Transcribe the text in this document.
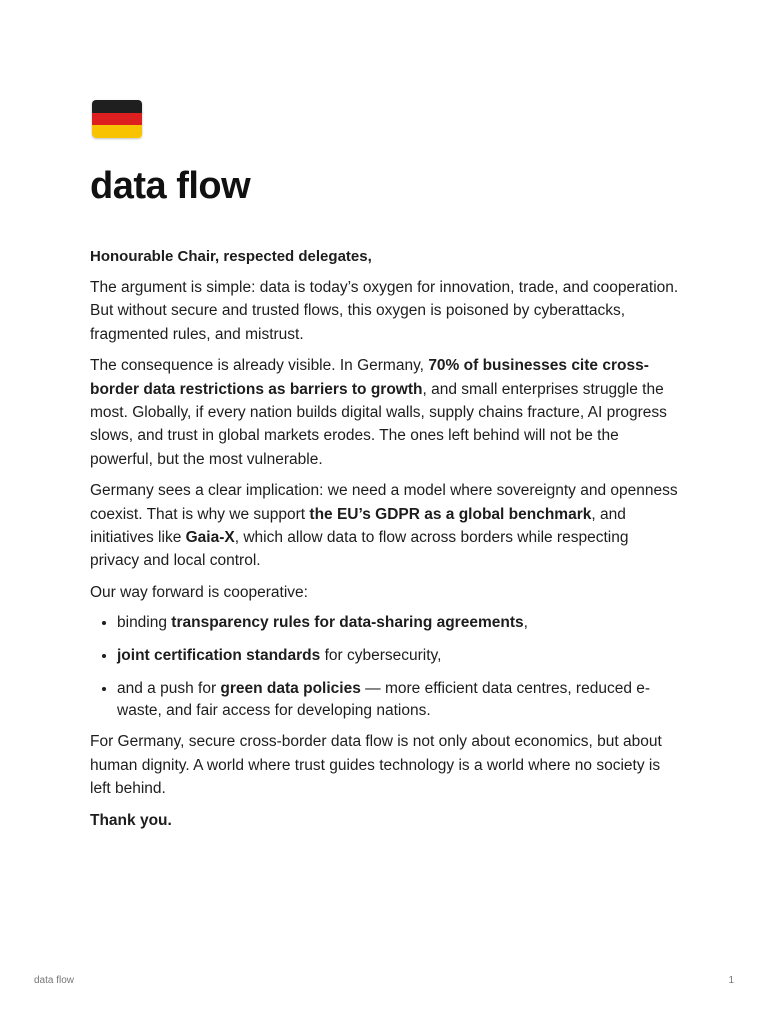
data flow
Honourable Chair, respected delegates,

The argument is simple: data is today’s oxygen for innovation, trade, and cooperation. But without secure and trusted flows, this oxygen is poisoned by cyberattacks, fragmented rules, and mistrust.

The consequence is already visible. In Germany, 70% of businesses cite cross-border data restrictions as barriers to growth, and small enterprises struggle the most. Globally, if every nation builds digital walls, supply chains fracture, AI progress slows, and trust in global markets erodes. The ones left behind will not be the powerful, but the most vulnerable.

Germany sees a clear implication: we need a model where sovereignty and openness coexist. That is why we support the EU’s GDPR as a global benchmark, and initiatives like Gaia-X, which allow data to flow across borders while respecting privacy and local control.

Our way forward is cooperative:

• binding transparency rules for data-sharing agreements,
• joint certification standards for cybersecurity,
• and a push for green data policies — more efficient data centres, reduced e-waste, and fair access for developing nations.

For Germany, secure cross-border data flow is not only about economics, but about human dignity. A world where trust guides technology is a world where no society is left behind.

Thank you.
data flow	1
